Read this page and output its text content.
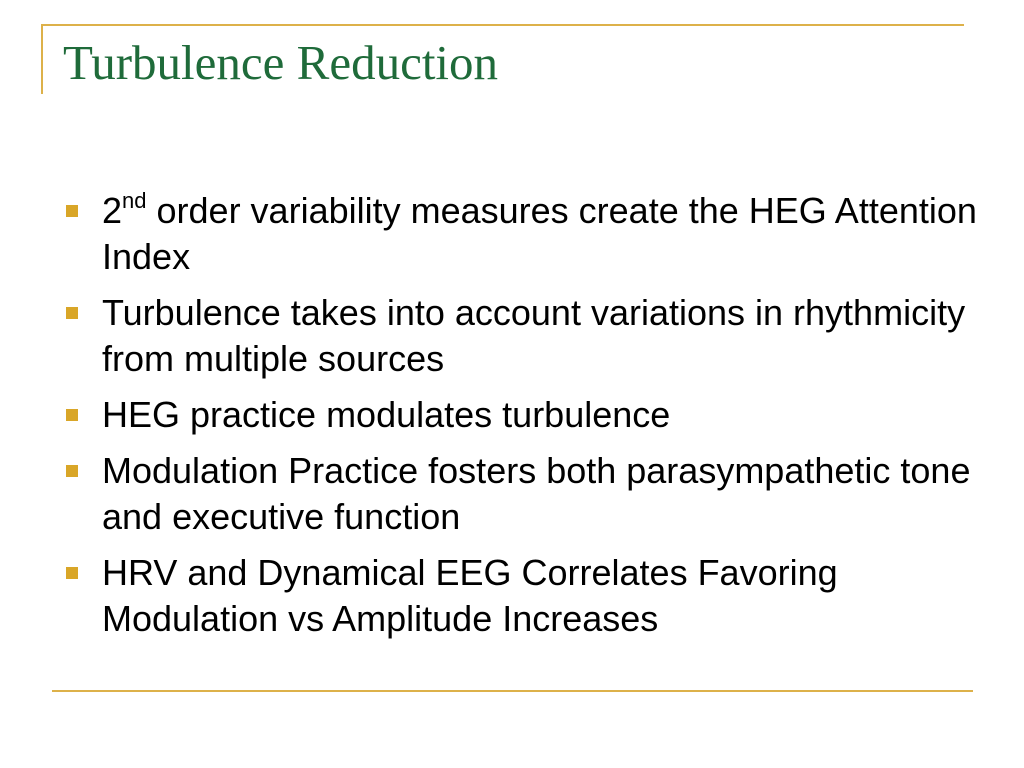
Turbulence Reduction
2nd order variability measures create the HEG Attention Index
Turbulence takes into account variations in rhythmicity from multiple sources
HEG practice modulates turbulence
Modulation Practice fosters both parasympathetic tone and executive function
HRV and Dynamical EEG Correlates Favoring Modulation vs Amplitude Increases
